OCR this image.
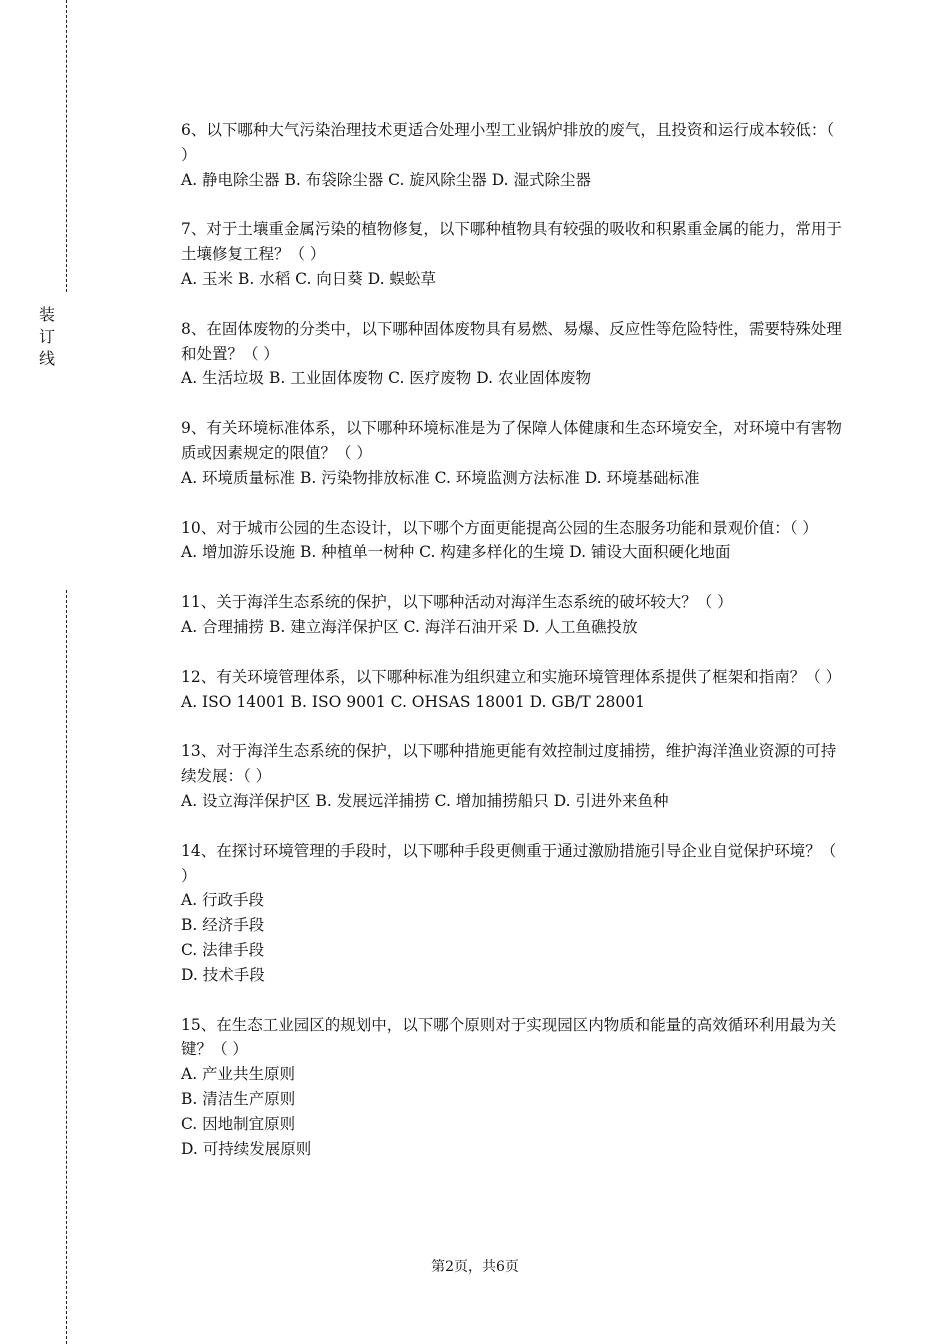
装
订
线

6、以下哪种大气污染治理技术更适合处理小型工业锅炉排放的废气，且投资和运行成本较低：（ ）

A. 静电除尘器 B. 布袋除尘器 C. 旋风除尘器 D. 湿式除尘器

7、对于土壤重金属污染的植物修复，以下哪种植物具有较强的吸收和积累重金属的能力，常用于土壤修复工程？（ ）

A. 玉米 B. 水稻 C. 向日葵 D. 蜈蚣草

8、在固体废物的分类中，以下哪种固体废物具有易燃、易爆、反应性等危险特性，需要特殊处理和处置？（ ）

A. 生活垃圾 B. 工业固体废物 C. 医疗废物 D. 农业固体废物

9、有关环境标准体系，以下哪种环境标准是为了保障人体健康和生态环境安全，对环境中有害物质或因素规定的限值？（ ）

A. 环境质量标准 B. 污染物排放标准 C. 环境监测方法标准 D. 环境基础标准

10、对于城市公园的生态设计，以下哪个方面更能提高公园的生态服务功能和景观价值：（ ）

A. 增加游乐设施 B. 种植单一树种 C. 构建多样化的生境 D. 铺设大面积硬化地面

11、关于海洋生态系统的保护，以下哪种活动对海洋生态系统的破坏较大？（ ）

A. 合理捕捞 B. 建立海洋保护区 C. 海洋石油开采 D. 人工鱼礁投放

12、有关环境管理体系，以下哪种标准为组织建立和实施环境管理体系提供了框架和指南？（ ）

A. ISO 14001 B. ISO 9001 C. OHSAS 18001 D. GB/T 28001

13、对于海洋生态系统的保护，以下哪种措施更能有效控制过度捕捞，维护海洋渔业资源的可持续发展：（ ）

A. 设立海洋保护区 B. 发展远洋捕捞 C. 增加捕捞船只 D. 引进外来鱼种

14、在探讨环境管理的手段时，以下哪种手段更侧重于通过激励措施引导企业自觉保护环境？（ ）

A. 行政手段

B. 经济手段

C. 法律手段

D. 技术手段

15、在生态工业园区的规划中，以下哪个原则对于实现园区内物质和能量的高效循环利用最为关键？（ ）

A. 产业共生原则

B. 清洁生产原则

C. 因地制宜原则

D. 可持续发展原则

第2页，共6页
